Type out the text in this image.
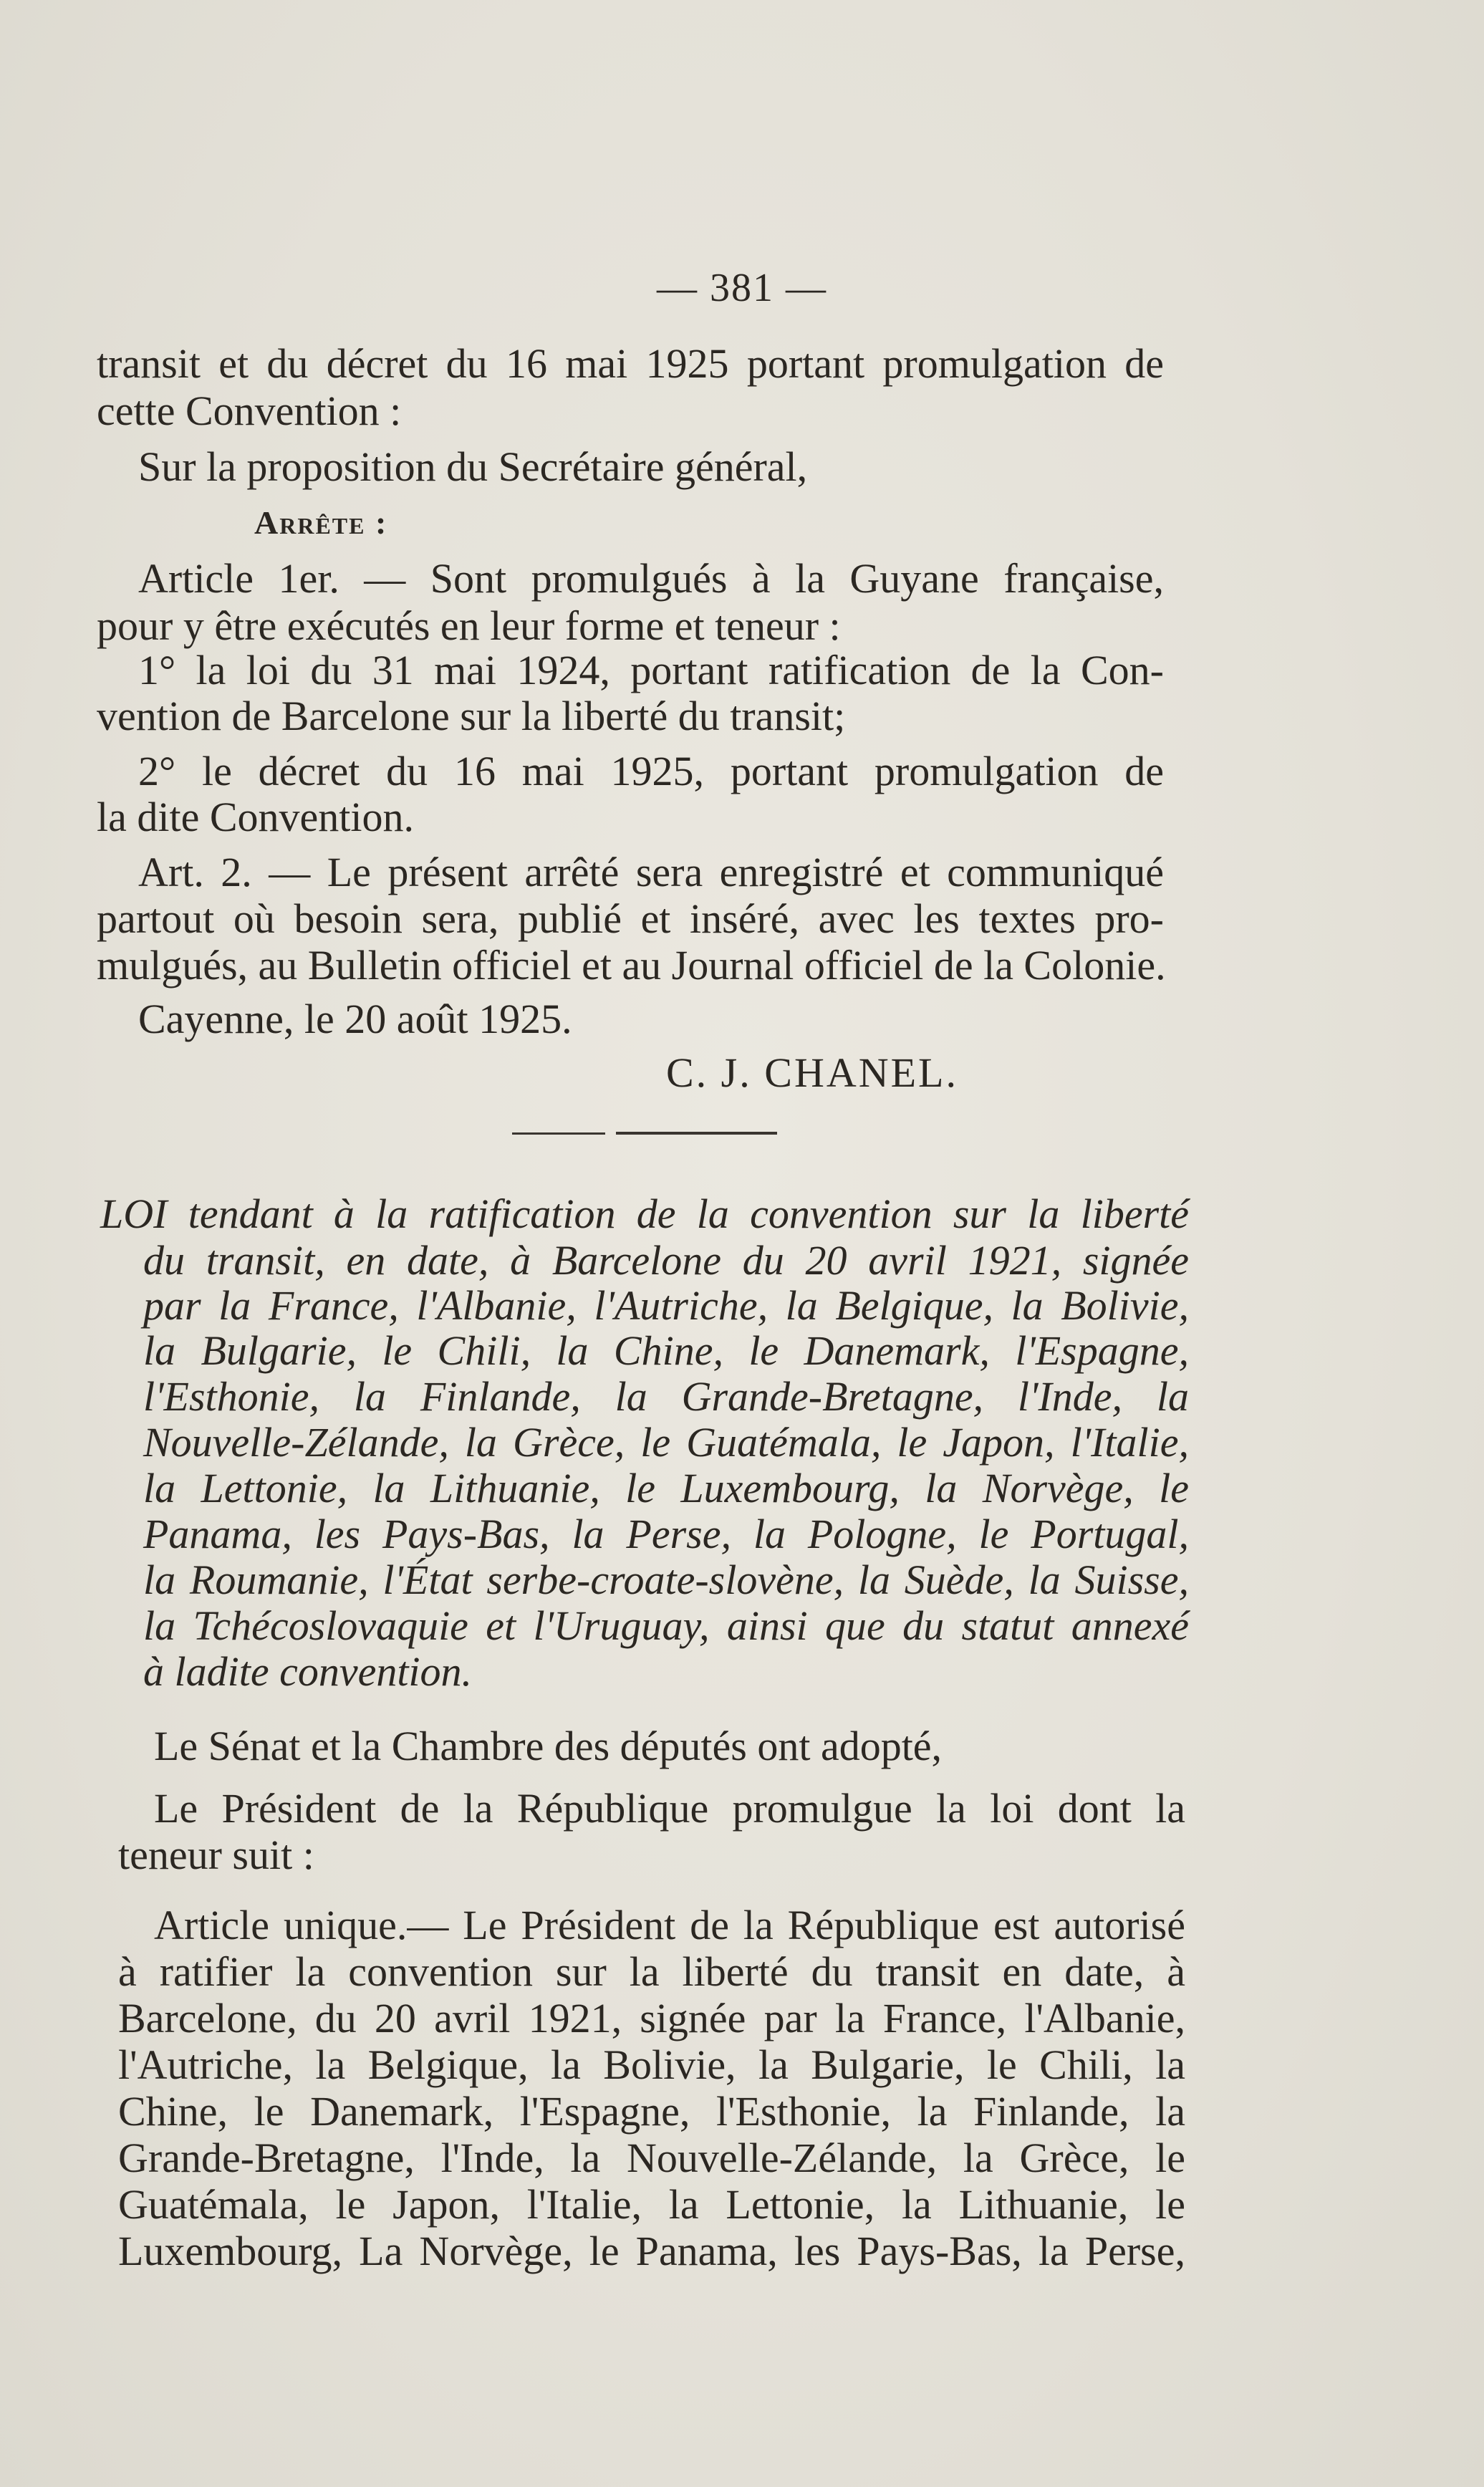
— 381 —

transit et du décret du 16 mai 1925 portant promulgation de

cette Convention :

Sur la proposition du Secrétaire général,

Arrête :

Article 1er. — Sont promulgués à la Guyane française,

pour y être exécutés en leur forme et teneur :

1° la loi du 31 mai 1924, portant ratification de la Con-

vention de Barcelone sur la liberté du transit;

2° le décret du 16 mai 1925, portant promulgation de

la dite Convention.

Art. 2. — Le présent arrêté sera enregistré et communiqué

partout où besoin sera, publié et inséré, avec les textes pro-

mulgués, au Bulletin officiel et au Journal officiel de la Colonie.

Cayenne, le 20 août 1925.

C. J. CHANEL.

LOI tendant à la ratification de la convention sur la liberté

du transit, en date, à Barcelone du 20 avril 1921, signée

par la France, l'Albanie, l'Autriche, la Belgique, la Bolivie,

la Bulgarie, le Chili, la Chine, le Danemark, l'Espagne,

l'Esthonie, la Finlande, la Grande-Bretagne, l'Inde, la

Nouvelle-Zélande, la Grèce, le Guatémala, le Japon, l'Italie,

la Lettonie, la Lithuanie, le Luxembourg, la Norvège, le

Panama, les Pays-Bas, la Perse, la Pologne, le Portugal,

la Roumanie, l'État serbe-croate-slovène, la Suède, la Suisse,

la Tchécoslovaquie et l'Uruguay, ainsi que du statut annexé

à ladite convention.

Le Sénat et la Chambre des députés ont adopté,

Le Président de la République promulgue la loi dont la

teneur suit :

Article unique.— Le Président de la République est autorisé

à ratifier la convention sur la liberté du transit en date, à

Barcelone, du 20 avril 1921, signée par la France, l'Albanie,

l'Autriche, la Belgique, la Bolivie, la Bulgarie, le Chili, la

Chine, le Danemark, l'Espagne, l'Esthonie, la Finlande, la

Grande-Bretagne, l'Inde, la Nouvelle-Zélande, la Grèce, le

Guatémala, le Japon, l'Italie, la Lettonie, la Lithuanie, le

Luxembourg, La Norvège, le Panama, les Pays-Bas, la Perse,
